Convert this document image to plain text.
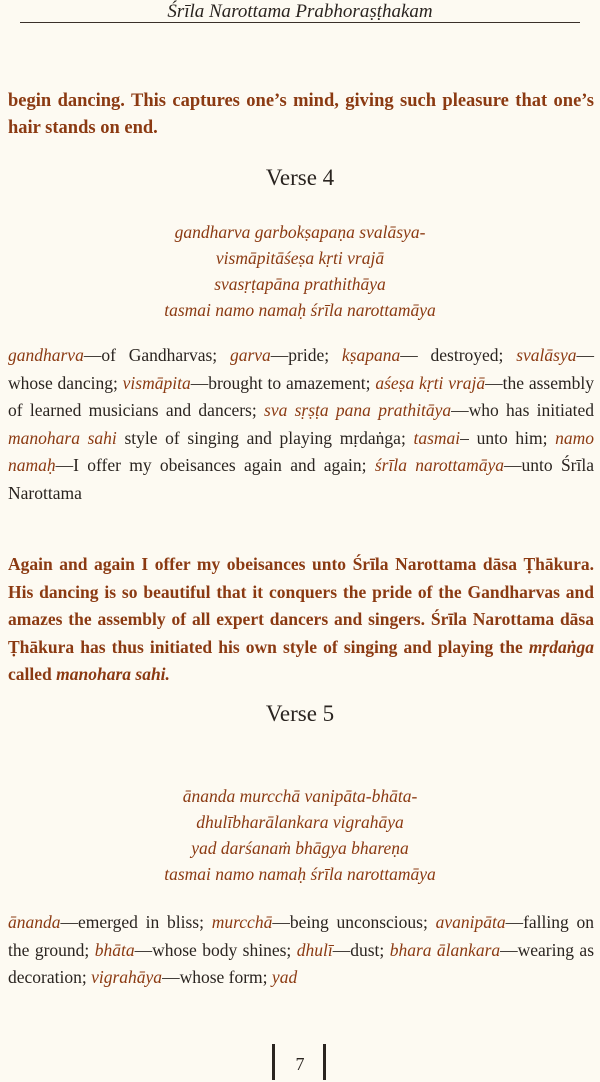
Śrīla Narottama Prabhoraṣṭhakam

begin dancing. This captures one’s mind, giving such pleasure that one’s hair stands on end.

Verse 4
gandharva garbokṣapaṇa svalāsya-
vismāpitāśeṣa kṛti vrajā
svasṛṭapāna prathithāya
tasmai namo namaḥ śrīla narottamāya

gandharva—of Gandharvas; garva—pride; kṣapana— destroyed; svalāsya—whose dancing; vismāpita—brought to amazement; aśeṣa kṛti vrajā—the assembly of learned musicians and dancers; sva sṛṣṭa pana prathitāya—who has initiated manohara sahi style of singing and playing mṛdaṅga; tasmai– unto him; namo namaḥ—I offer my obeisances again and again; śrīla narottamāya—unto Śrīla Narottama

Again and again I offer my obeisances unto Śrīla Narottama dāsa Ṭhākura. His dancing is so beautiful that it conquers the pride of the Gandharvas and amazes the assembly of all expert dancers and singers. Śrīla Narottama dāsa Ṭhākura has thus initiated his own style of singing and playing the mṛdaṅga called manohara sahi.

Verse 5
ānanda murcchā vanipāta-bhāta-
dhulībharālankara vigrahāya
yad darśanaṁ bhāgya bhareṇa
tasmai namo namaḥ śrīla narottamāya

ānanda—emerged in bliss; murcchā—being unconscious; avanipāta—falling on the ground; bhāta—whose body shines; dhulī—dust; bhara ālankara—wearing as decoration; vigrahāya—whose form; yad

7
